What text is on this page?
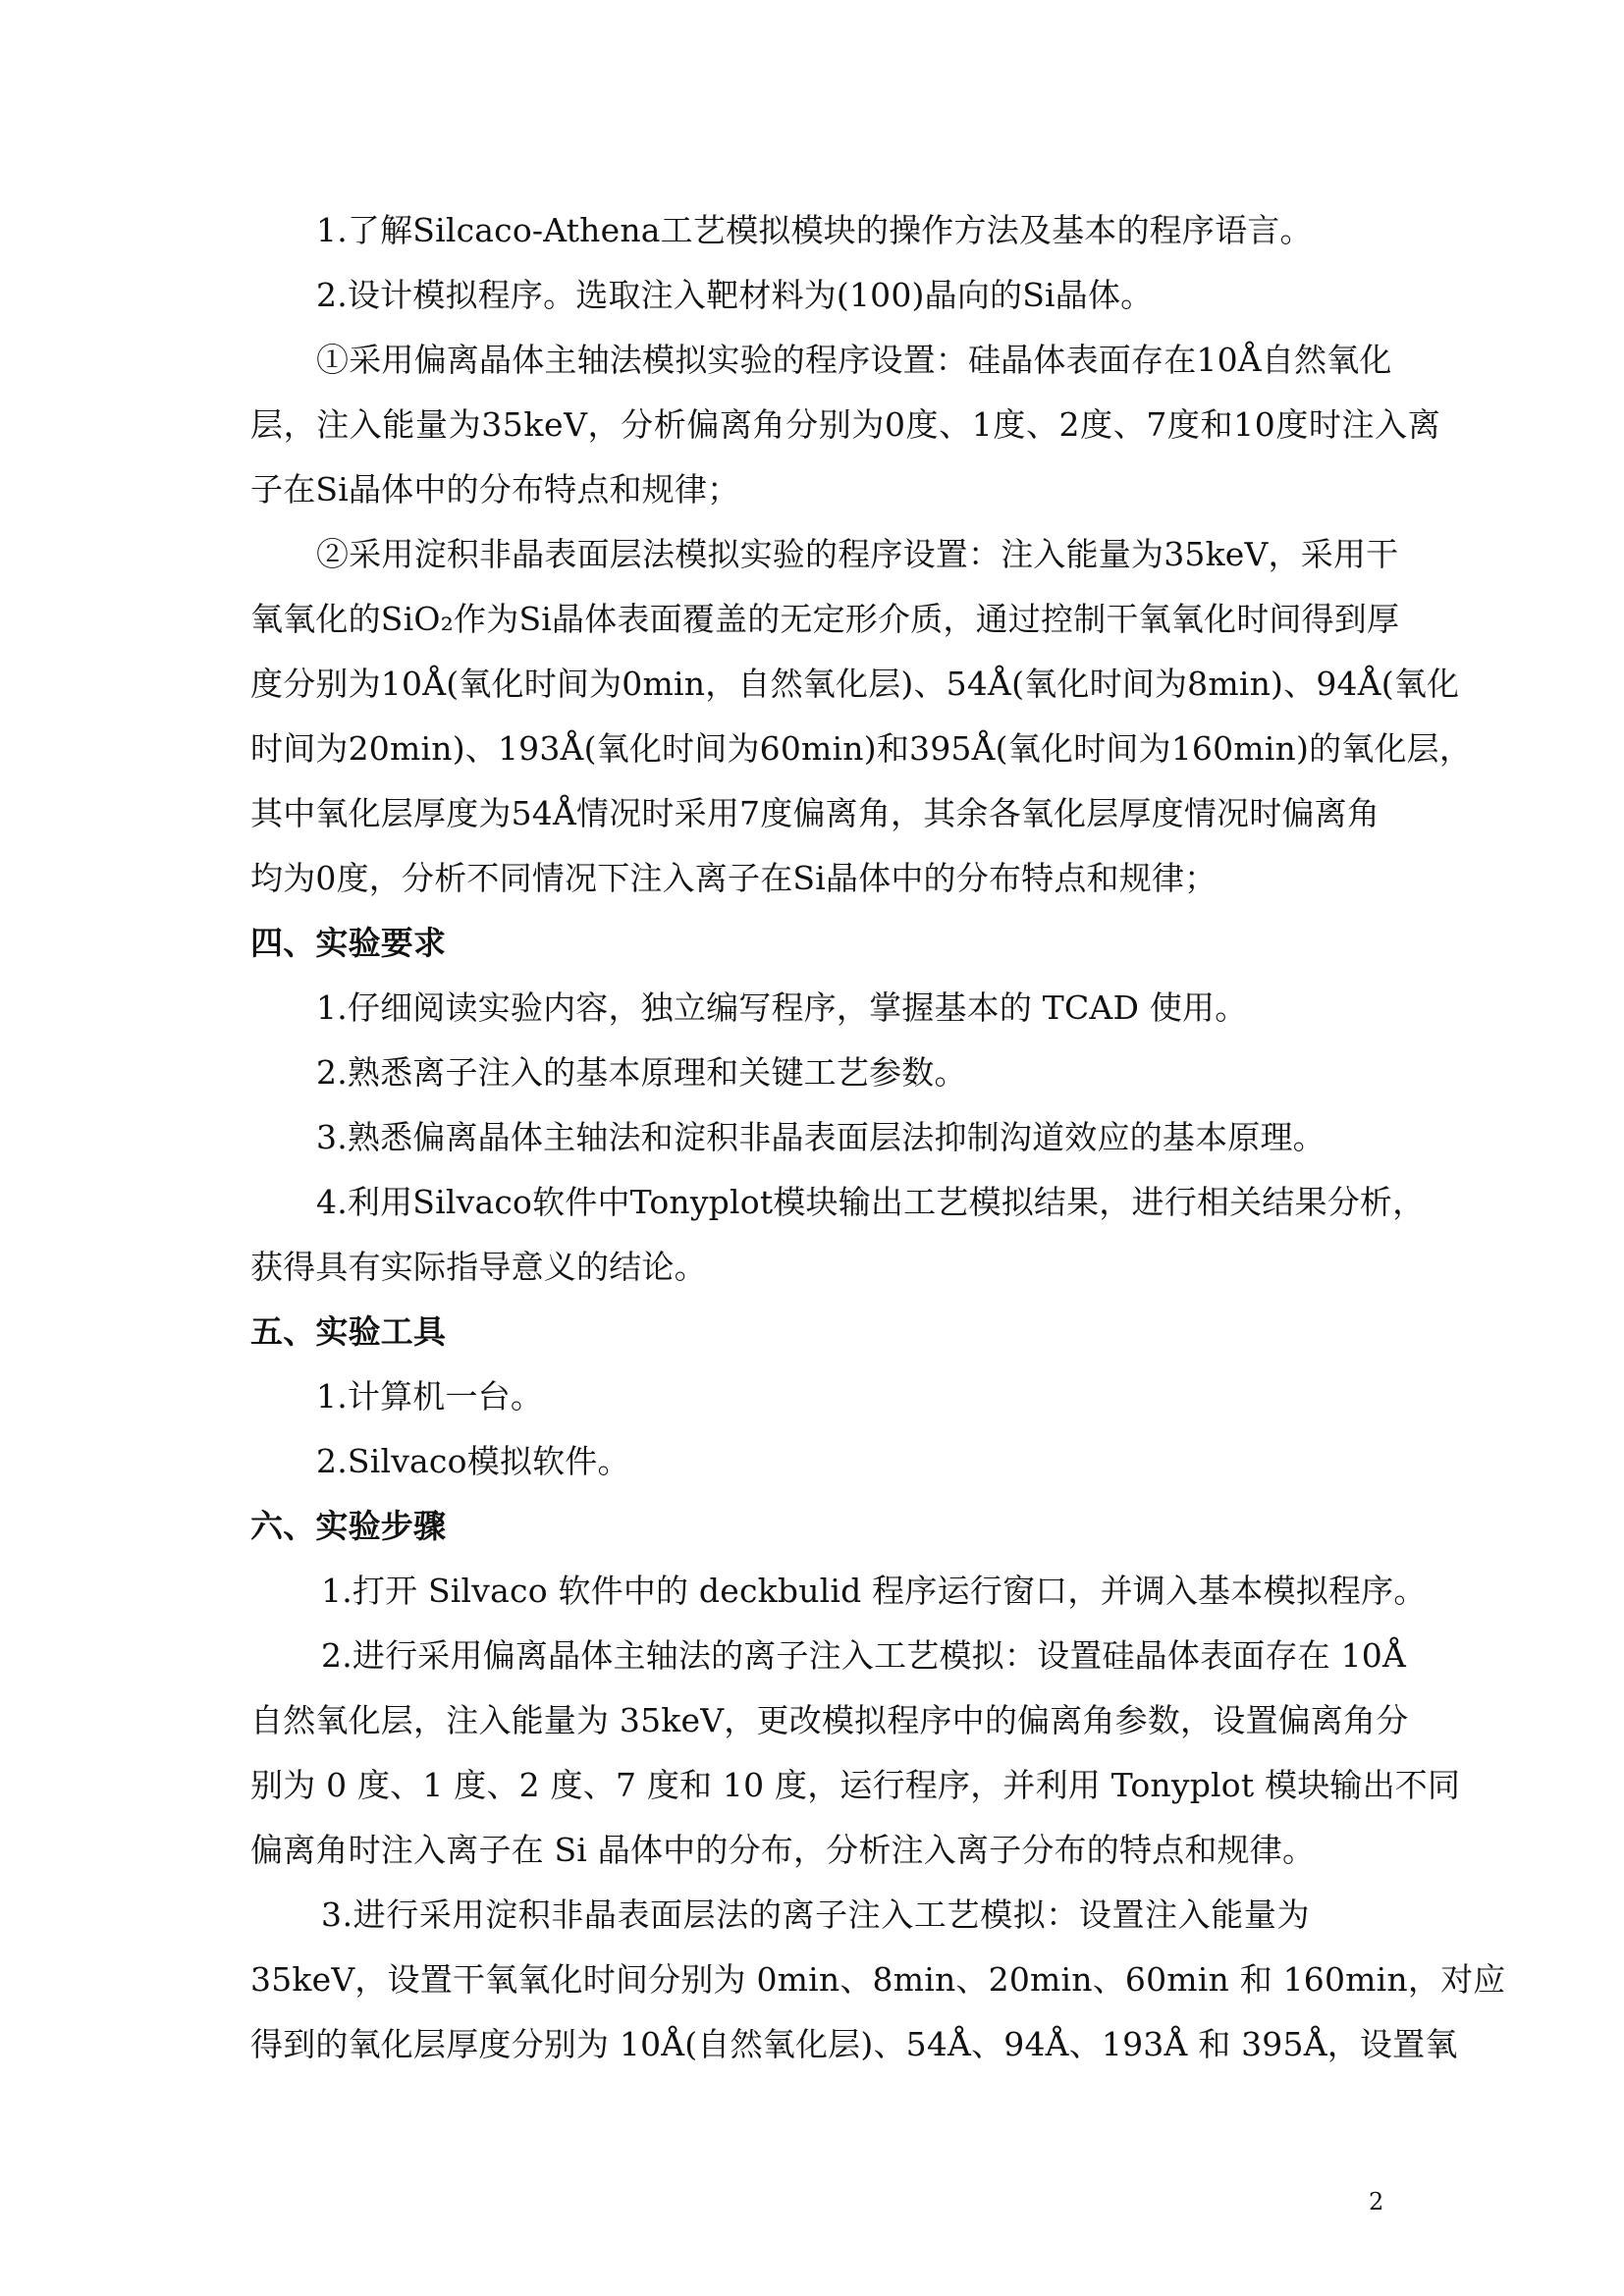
1.了解Silcaco-Athena工艺模拟模块的操作方法及基本的程序语言。
2.设计模拟程序。选取注入靶材料为(100)晶向的Si晶体。
①采用偏离晶体主轴法模拟实验的程序设置：硅晶体表面存在10Å自然氧化
层，注入能量为35keV，分析偏离角分别为0度、1度、2度、7度和10度时注入离
子在Si晶体中的分布特点和规律；
②采用淀积非晶表面层法模拟实验的程序设置：注入能量为35keV，采用干
氧氧化的SiO₂作为Si晶体表面覆盖的无定形介质，通过控制干氧氧化时间得到厚
度分别为10Å(氧化时间为0min，自然氧化层)、54Å(氧化时间为8min)、94Å(氧化
时间为20min)、193Å(氧化时间为60min)和395Å(氧化时间为160min)的氧化层，
其中氧化层厚度为54Å情况时采用7度偏离角，其余各氧化层厚度情况时偏离角
均为0度，分析不同情况下注入离子在Si晶体中的分布特点和规律；
四、实验要求
1.仔细阅读实验内容，独立编写程序，掌握基本的 TCAD 使用。
2.熟悉离子注入的基本原理和关键工艺参数。
3.熟悉偏离晶体主轴法和淀积非晶表面层法抑制沟道效应的基本原理。
4.利用Silvaco软件中Tonyplot模块输出工艺模拟结果，进行相关结果分析，
获得具有实际指导意义的结论。
五、实验工具
1.计算机一台。
2.Silvaco模拟软件。
六、实验步骤
1.打开 Silvaco 软件中的 deckbulid 程序运行窗口，并调入基本模拟程序。
2.进行采用偏离晶体主轴法的离子注入工艺模拟：设置硅晶体表面存在 10Å
自然氧化层，注入能量为 35keV，更改模拟程序中的偏离角参数，设置偏离角分
别为 0 度、1 度、2 度、7 度和 10 度，运行程序，并利用 Tonyplot 模块输出不同
偏离角时注入离子在 Si 晶体中的分布，分析注入离子分布的特点和规律。
3.进行采用淀积非晶表面层法的离子注入工艺模拟：设置注入能量为
35keV，设置干氧氧化时间分别为 0min、8min、20min、60min 和 160min，对应
得到的氧化层厚度分别为 10Å(自然氧化层)、54Å、94Å、193Å 和 395Å，设置氧
2
